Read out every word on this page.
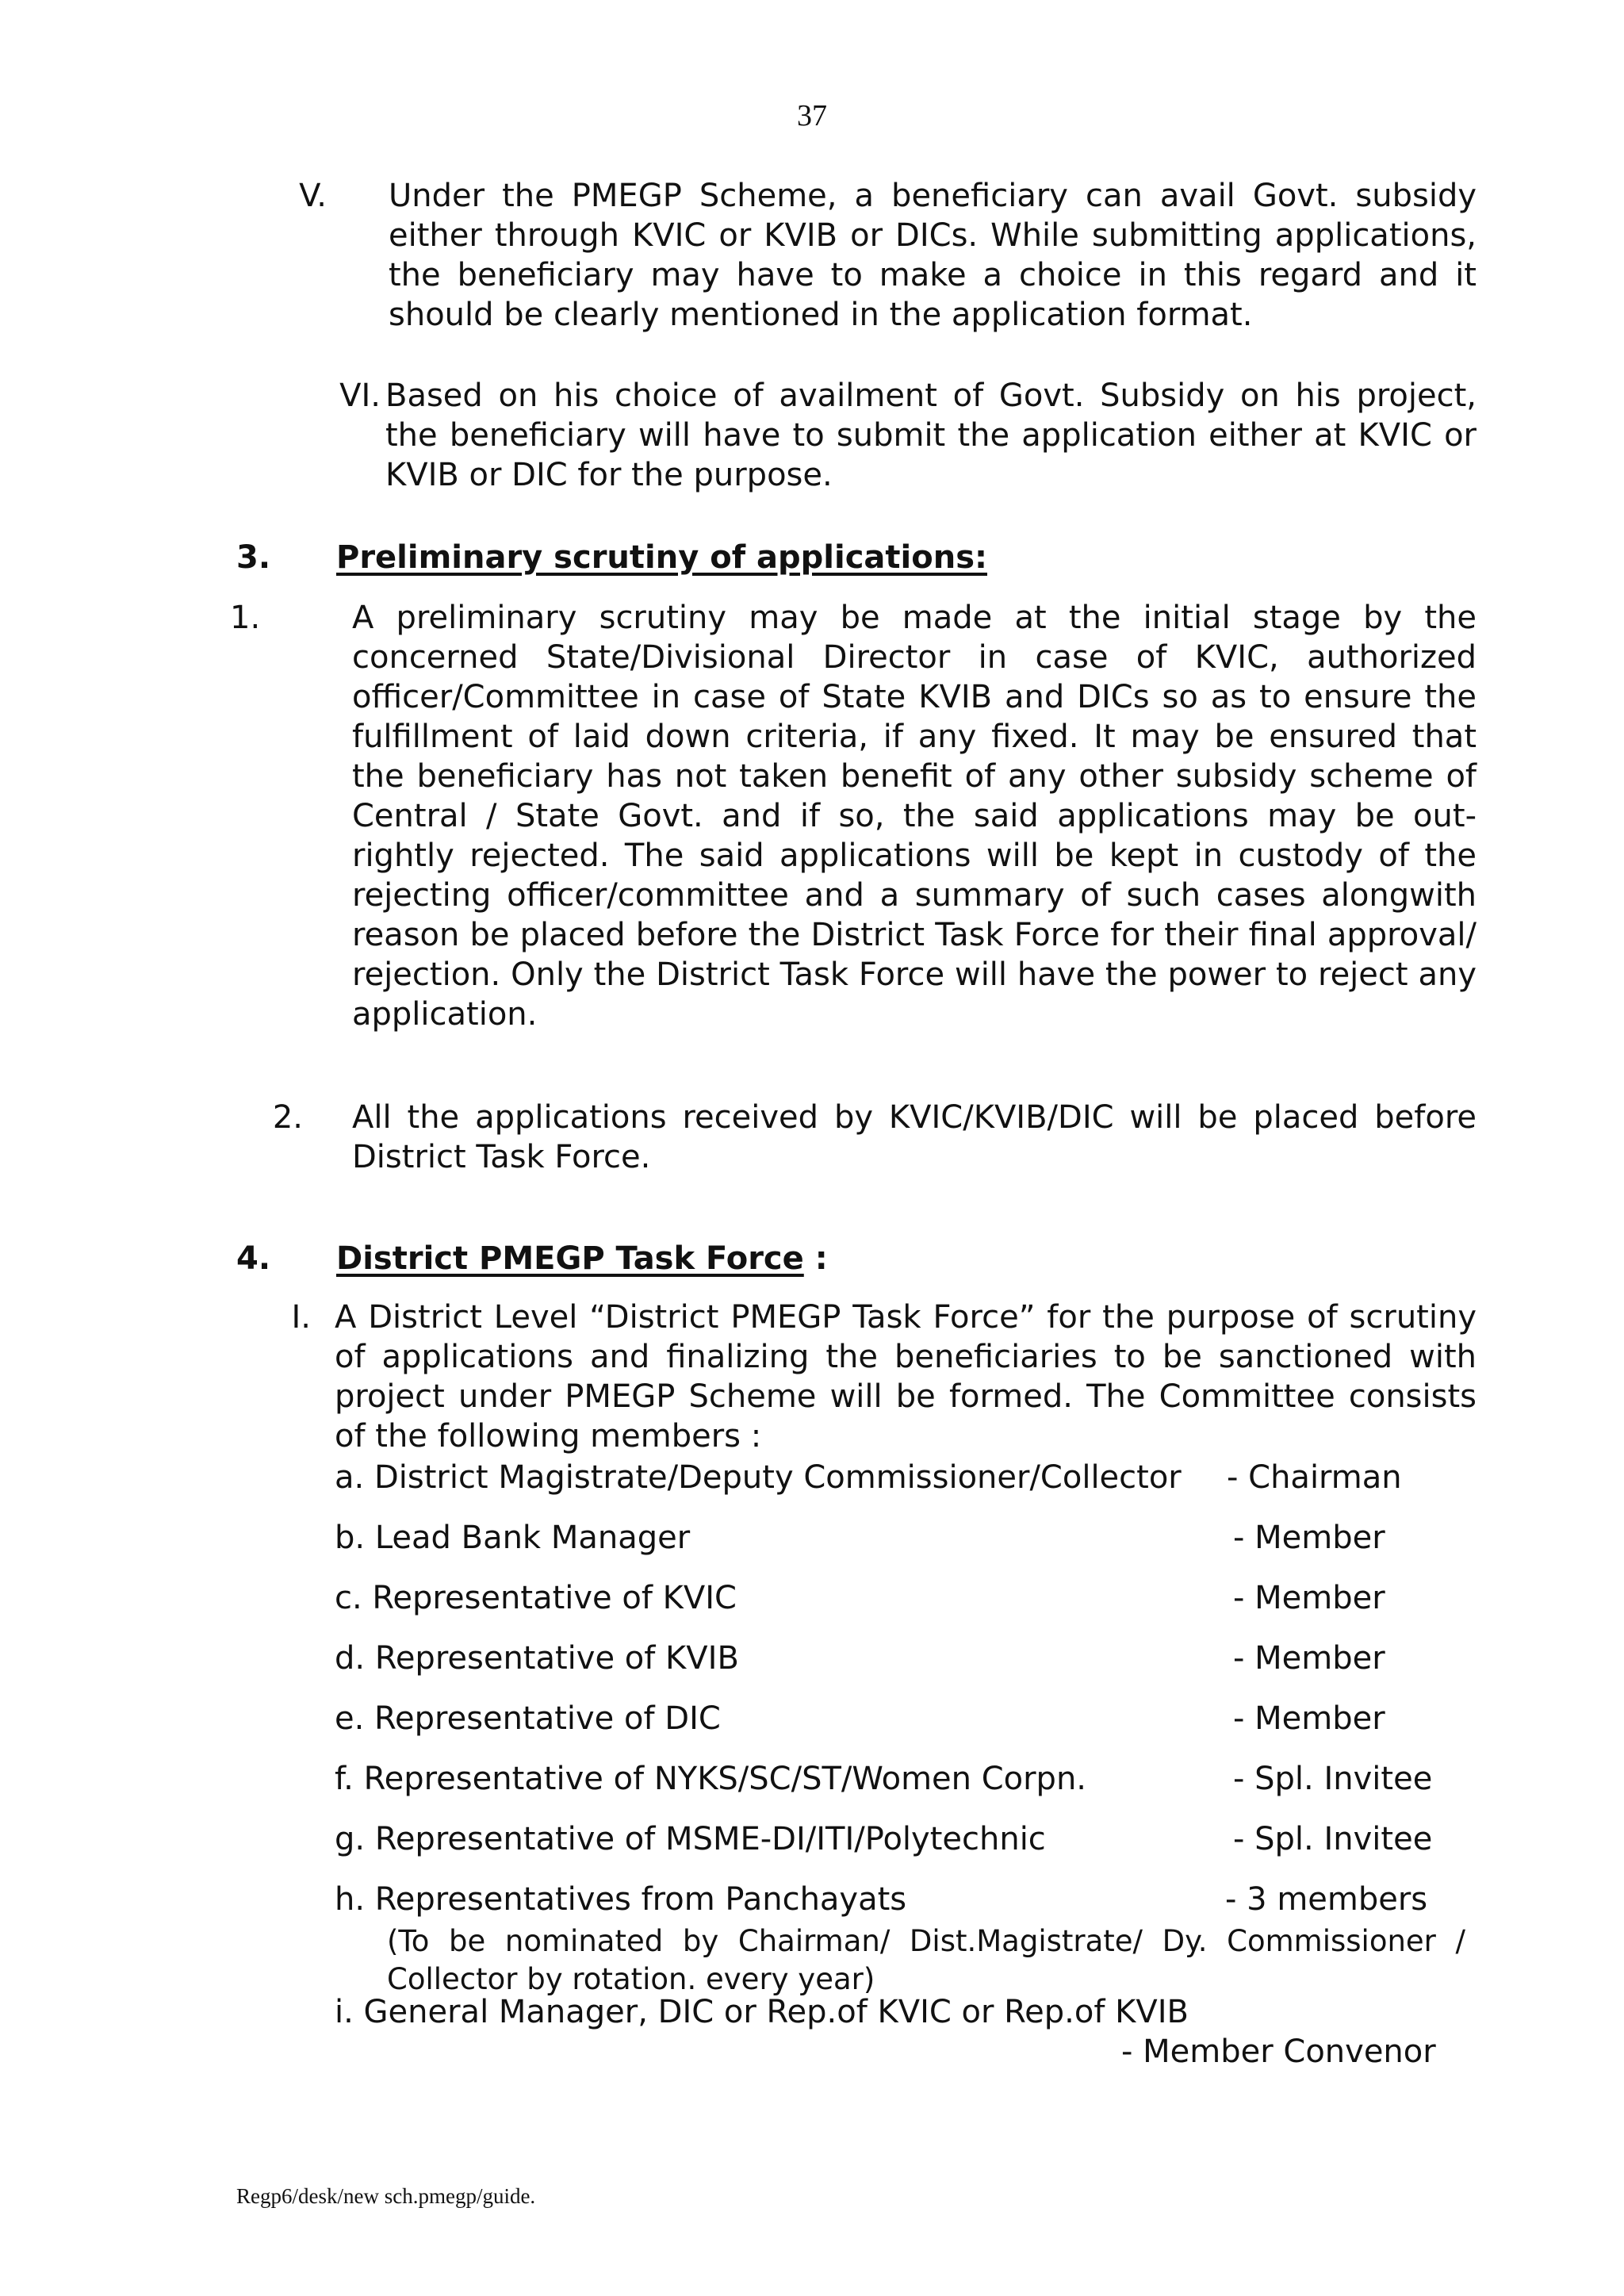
37
V. Under the PMEGP Scheme, a beneficiary can avail Govt. subsidy either through KVIC or KVIB or DICs. While submitting applications, the beneficiary may have to make a choice in this regard and it should be clearly mentioned in the application format.
VI. Based on his choice of availment of Govt. Subsidy on his project, the beneficiary will have to submit the application either at KVIC or KVIB or DIC for the purpose.
3. Preliminary scrutiny of applications:
1.	A preliminary scrutiny may be made at the initial stage by the concerned State/Divisional Director in case of KVIC, authorized officer/Committee in case of State KVIB and DICs so as to ensure the fulfillment of laid down criteria, if any fixed. It may be ensured that the beneficiary has not taken benefit of any other subsidy scheme of Central / State Govt. and if so, the said applications may be out-rightly rejected. The said applications will be kept in custody of the rejecting officer/committee and a summary of such cases alongwith reason be placed before the District Task Force for their final approval/ rejection. Only the District Task Force will have the power to reject any application.
2. All the applications received by KVIC/KVIB/DIC will be placed before District Task Force.
4. District PMEGP Task Force :
I. A District Level “District PMEGP Task Force” for the purpose of scrutiny of applications and finalizing the beneficiaries to be sanctioned with project under PMEGP Scheme will be formed. The Committee consists of the following members :
a. District Magistrate/Deputy Commissioner/Collector - Chairman
b. Lead Bank Manager	- Member
c. Representative of KVIC	- Member
d. Representative of KVIB	- Member
e. Representative of DIC	- Member
f. Representative of NYKS/SC/ST/Women Corpn.	- Spl. Invitee
g. Representative of MSME-DI/ITI/Polytechnic	- Spl. Invitee
h. Representatives from Panchayats	- 3 members
(To be nominated by Chairman/ Dist.Magistrate/ Dy. Commissioner / Collector by rotation. every year)
i. General Manager, DIC or Rep.of KVIC or Rep.of KVIB
- Member Convenor
Regp6/desk/new sch.pmegp/guide.
